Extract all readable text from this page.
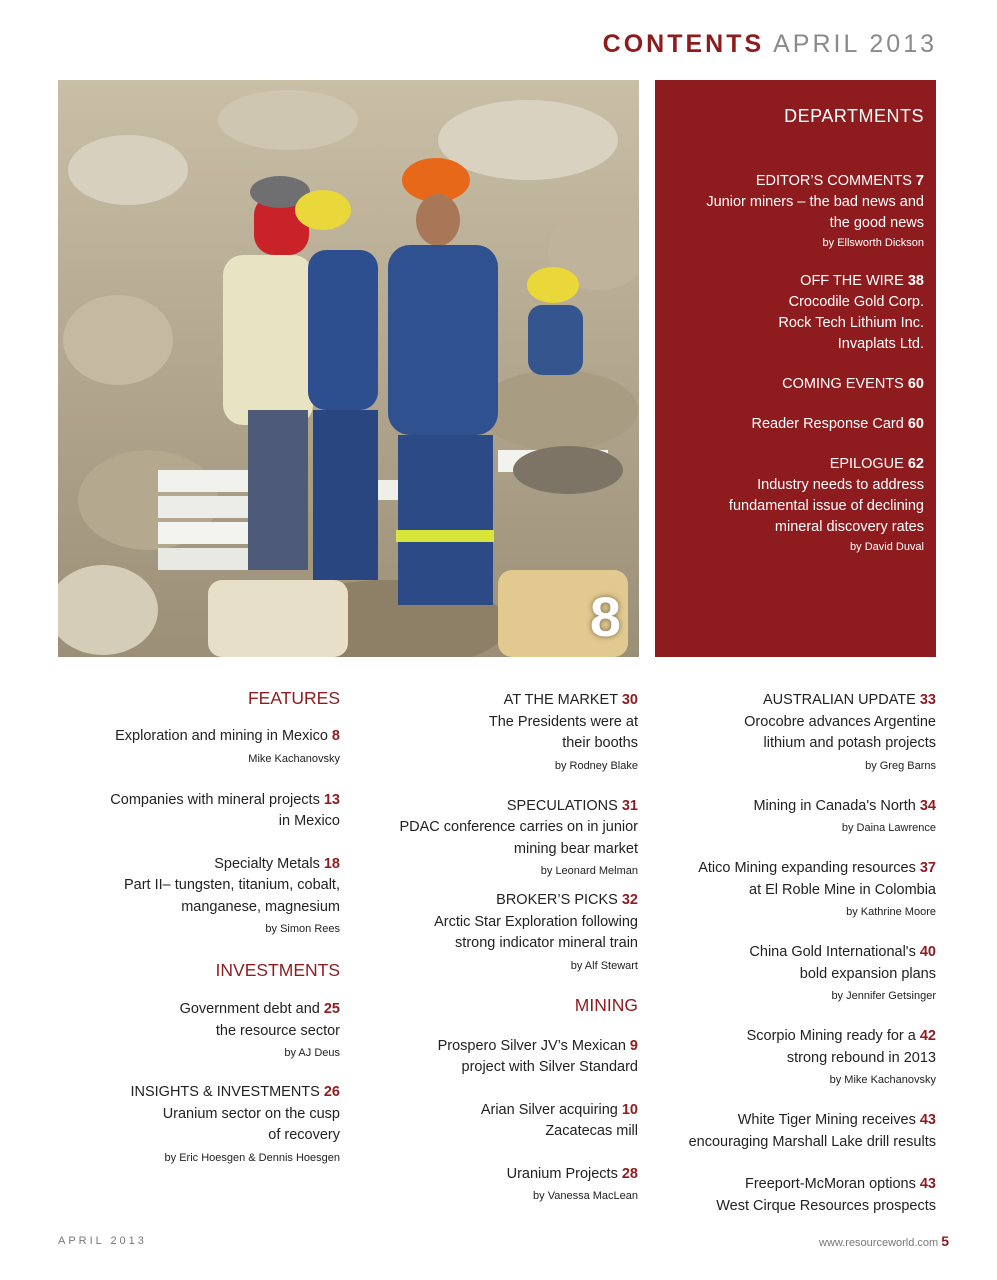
CONTENTS APRIL 2013
8
DEPARTMENTS
EDITOR’S COMMENTS 7
Junior miners – the bad news and
the good news
by Ellsworth Dickson
OFF THE WIRE 38
Crocodile Gold Corp.
Rock Tech Lithium Inc.
Invaplats Ltd.
COMING EVENTS 60
Reader Response Card 60
EPILOGUE 62
Industry needs to address
fundamental issue of declining
mineral discovery rates
by David Duval
FEATURES
Exploration and mining in Mexico 8
Mike Kachanovsky
Companies with mineral projects 13
in Mexico
Specialty Metals 18
Part II– tungsten, titanium, cobalt,
manganese, magnesium
by Simon Rees
INVESTMENTS
Government debt and 25
the resource sector
by AJ Deus
INSIGHTS & INVESTMENTS 26
Uranium sector on the cusp
of recovery
by Eric Hoesgen & Dennis Hoesgen
AT THE MARKET 30
The Presidents were at
their booths
by Rodney Blake
SPECULATIONS 31
PDAC conference carries on in junior
mining bear market
by Leonard Melman
BROKER’S PICKS 32
Arctic Star Exploration following
strong indicator mineral train
by Alf Stewart
MINING
Prospero Silver JV’s Mexican 9
project with Silver Standard
Arian Silver acquiring 10
Zacatecas mill
Uranium Projects 28
by Vanessa MacLean
AUSTRALIAN UPDATE 33
Orocobre advances Argentine
lithium and potash projects
by Greg Barns
Mining in Canada's North 34
by Daina Lawrence
Atico Mining expanding resources 37
at El Roble Mine in Colombia
by Kathrine Moore
China Gold International's 40
bold expansion plans
by Jennifer Getsinger
Scorpio Mining ready for a 42
strong rebound in 2013
by Mike Kachanovsky
White Tiger Mining receives 43
encouraging Marshall Lake drill results
Freeport-McMoran options 43
West Cirque Resources prospects
APRIL 2013	www.resourceworld.com 5
